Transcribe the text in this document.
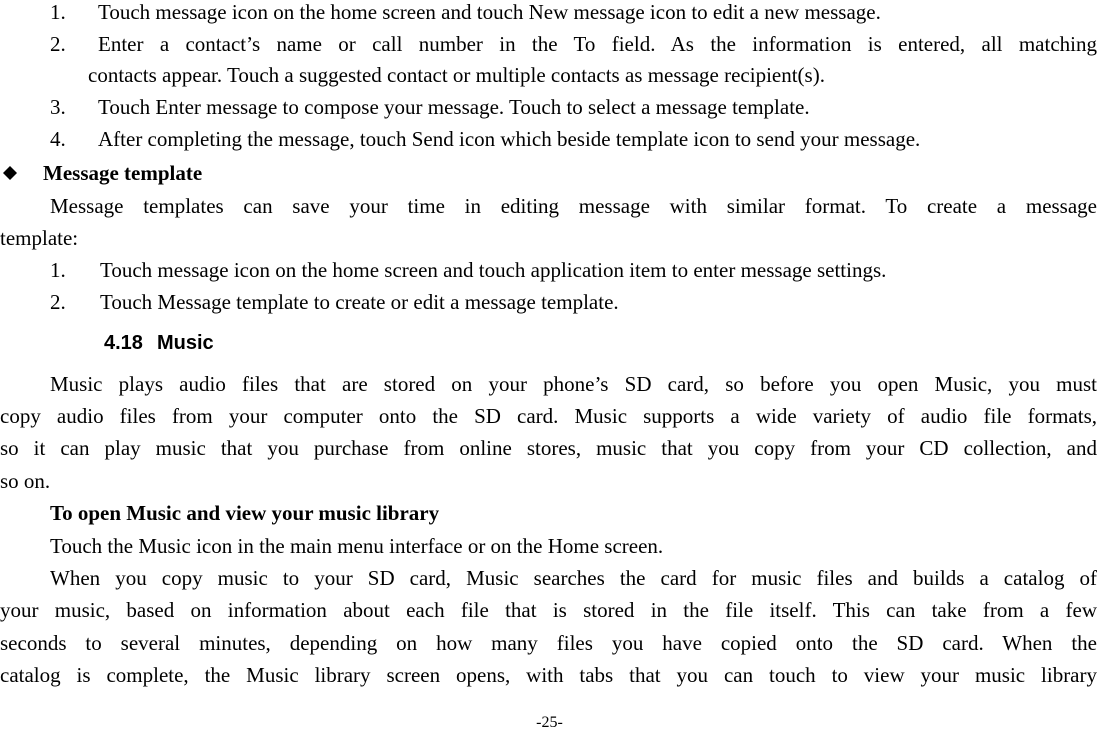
1. Touch message icon on the home screen and touch New message icon to edit a new message.
2. Enter a contact’s name or call number in the To field. As the information is entered, all matching
contacts appear. Touch a suggested contact or multiple contacts as message recipient(s).
3. Touch Enter message to compose your message. Touch to select a message template.
4. After completing the message, touch Send icon which beside template icon to send your message.
Message template
Message templates can save your time in editing message with similar format. To create a message
template:
1. Touch message icon on the home screen and touch application item to enter message settings.
2. Touch Message template to create or edit a message template.
4.18 Music
Music plays audio files that are stored on your phone’s SD card, so before you open Music, you must
copy audio files from your computer onto the SD card. Music supports a wide variety of audio file formats,
so it can play music that you purchase from online stores, music that you copy from your CD collection, and
so on.
To open Music and view your music library
Touch the Music icon in the main menu interface or on the Home screen.
When you copy music to your SD card, Music searches the card for music files and builds a catalog of
your music, based on information about each file that is stored in the file itself. This can take from a few
seconds to several minutes, depending on how many files you have copied onto the SD card. When the
catalog is complete, the Music library screen opens, with tabs that you can touch to view your music library
-25-
